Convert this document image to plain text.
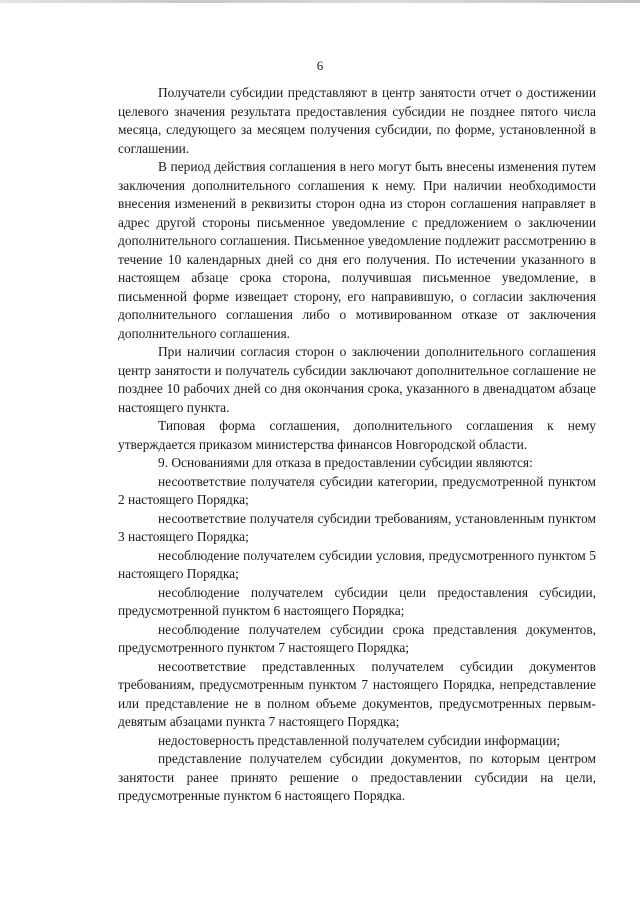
6

Получатели субсидии представляют в центр занятости отчет о достижении целевого значения результата предоставления субсидии не позднее пятого числа месяца, следующего за месяцем получения субсидии, по форме, установленной в соглашении.

В период действия соглашения в него могут быть внесены изменения путем заключения дополнительного соглашения к нему. При наличии необходимости внесения изменений в реквизиты сторон одна из сторон соглашения направляет в адрес другой стороны письменное уведомление с предложением о заключении дополнительного соглашения. Письменное уведомление подлежит рассмотрению в течение 10 календарных дней со дня его получения. По истечении указанного в настоящем абзаце срока сторона, получившая письменное уведомление, в письменной форме извещает сторону, его направившую, о согласии заключения дополнительного соглашения либо о мотивированном отказе от заключения дополнительного соглашения.

При наличии согласия сторон о заключении дополнительного соглашения центр занятости и получатель субсидии заключают дополнительное соглашение не позднее 10 рабочих дней со дня окончания срока, указанного в двенадцатом абзаце настоящего пункта.

Типовая форма соглашения, дополнительного соглашения к нему утверждается приказом министерства финансов Новгородской области.

9. Основаниями для отказа в предоставлении субсидии являются:

несоответствие получателя субсидии категории, предусмотренной пунктом 2 настоящего Порядка;

несоответствие получателя субсидии требованиям, установленным пунктом 3 настоящего Порядка;

несоблюдение получателем субсидии условия, предусмотренного пунктом 5 настоящего Порядка;

несоблюдение получателем субсидии цели предоставления субсидии, предусмотренной пунктом 6 настоящего Порядка;

несоблюдение получателем субсидии срока представления документов, предусмотренного пунктом 7 настоящего Порядка;

несоответствие представленных получателем субсидии документов требованиям, предусмотренным пунктом 7 настоящего Порядка, непредставление или представление не в полном объеме документов, предусмотренных первым-девятым абзацами пункта 7 настоящего Порядка;

недостоверность представленной получателем субсидии информации;

представление получателем субсидии документов, по которым центром занятости ранее принято решение о предоставлении субсидии на цели, предусмотренные пунктом 6 настоящего Порядка.
